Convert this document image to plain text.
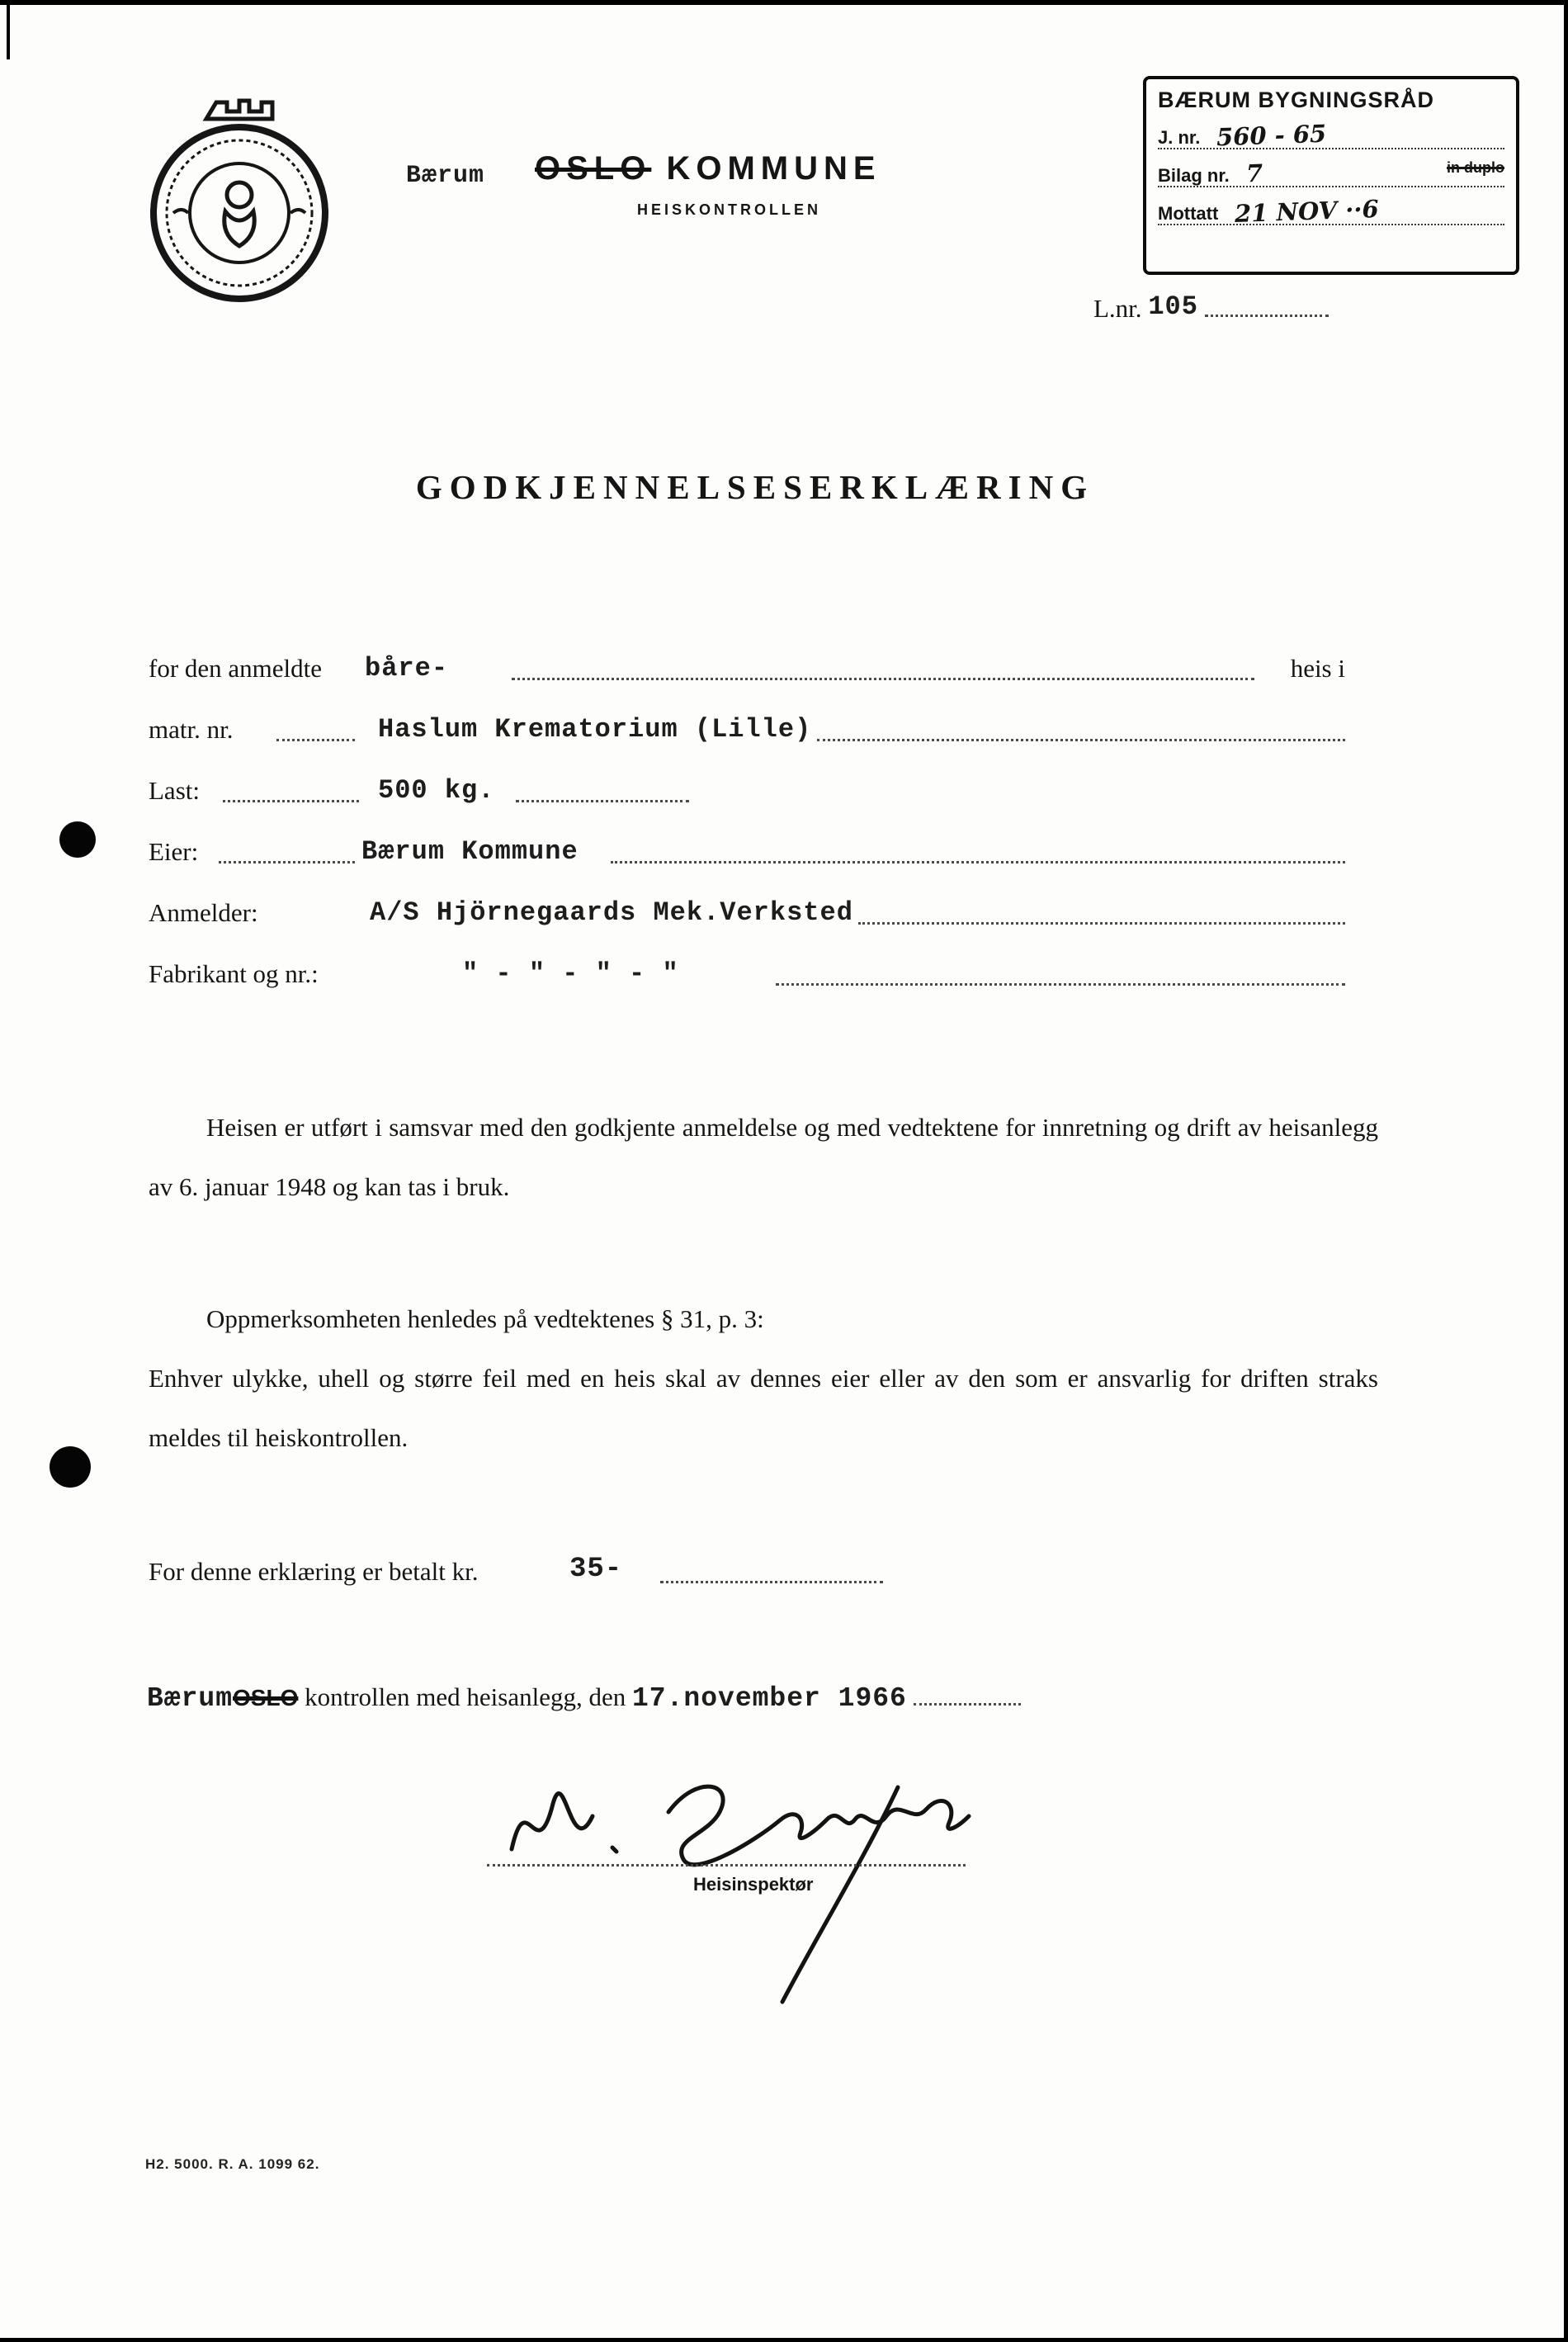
Bærum OSLO KOMMUNE
HEISKONTROLLEN
BÆRUM BYGNINGSRÅD
J. nr. 560 - 65
Bilag nr. 7	in duplo
Mottatt 21 NOV ··6
L.nr. 105
GODKJENNELSESERKLÆRING
for den anmeldte båre-	heis i
matr. nr.	Haslum Krematorium (Lille)
Last:	500 kg.
Eier:	Bærum Kommune
Anmelder:	A/S Hjörnegaards Mek.Verksted
Fabrikant og nr.:	" - " - " - "
Heisen er utført i samsvar med den godkjente anmeldelse og med vedtektene for innretning og drift av heisanlegg av 6. januar 1948 og kan tas i bruk.
Oppmerksomheten henledes på vedtektenes § 31, p. 3:
Enhver ulykke, uhell og større feil med en heis skal av dennes eier eller av den som er ansvarlig for driften straks meldes til heiskontrollen.
For denne erklæring er betalt kr.	35-
BærumOSLO kontrollen med heisanlegg, den 17.november 1966
Heisinspektør
H2. 5000. R. A. 1099 62.
